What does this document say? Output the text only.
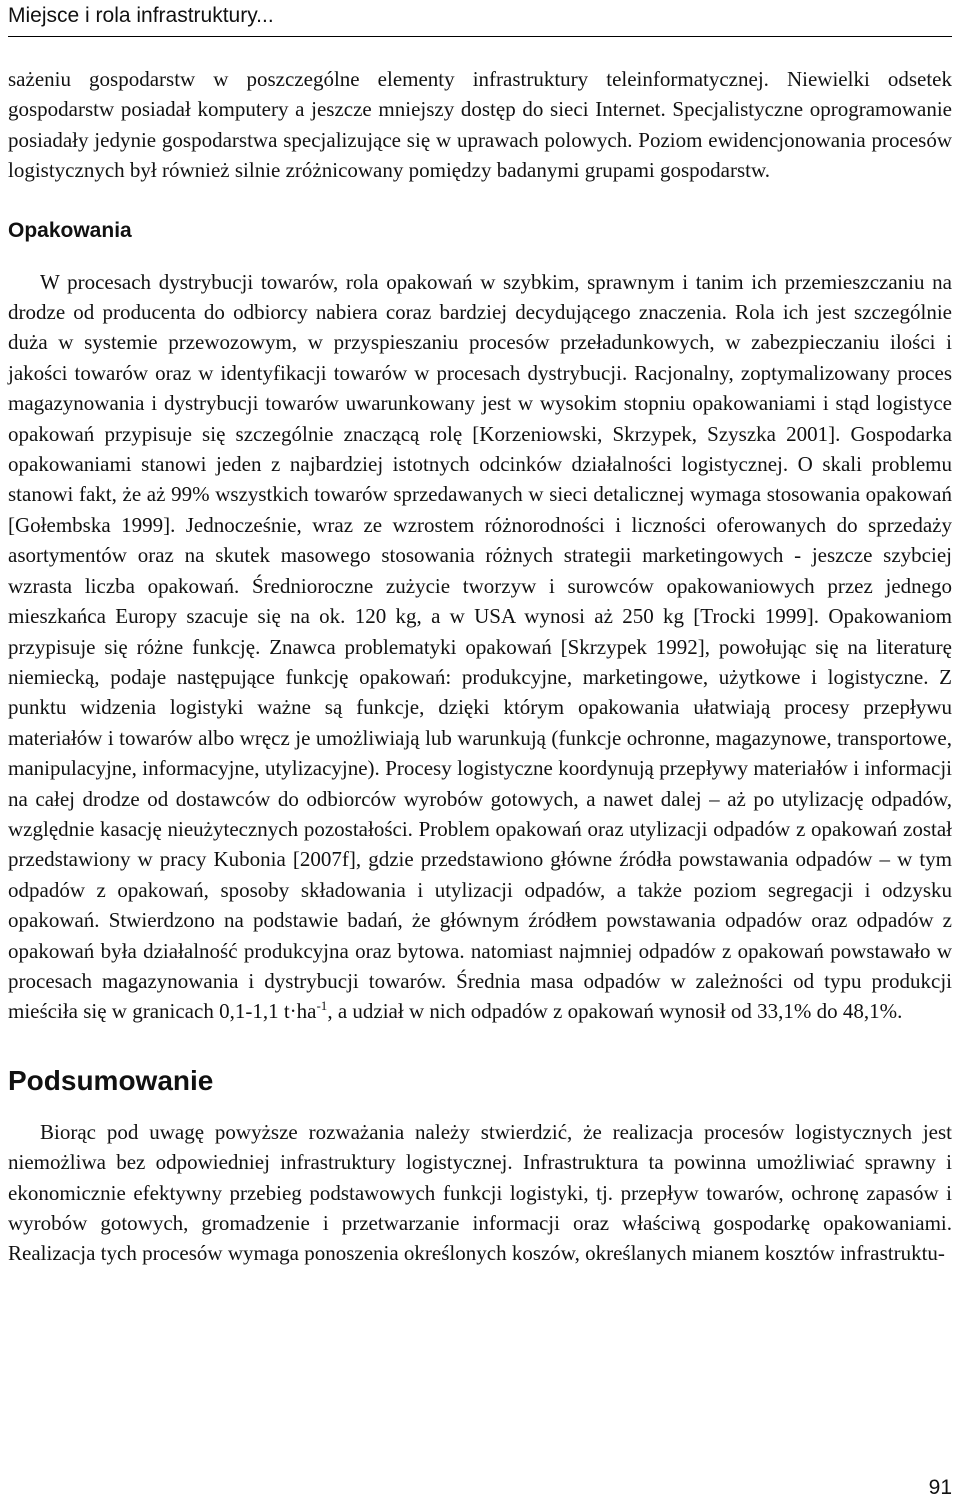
Miejsce i rola infrastruktury...

sażeniu gospodarstw w poszczególne elementy infrastruktury teleinformatycznej. Niewielki odsetek gospodarstw posiadał komputery a jeszcze mniejszy dostęp do sieci Internet. Specjalistyczne oprogramowanie posiadały jedynie gospodarstwa specjalizujące się w uprawach polowych. Poziom ewidencjonowania procesów logistycznych był również silnie zróżnicowany pomiędzy badanymi grupami gospodarstw.

Opakowania

W procesach dystrybucji towarów, rola opakowań w szybkim, sprawnym i tanim ich przemieszczaniu na drodze od producenta do odbiorcy nabiera coraz bardziej decydującego znaczenia. Rola ich jest szczególnie duża w systemie przewozowym, w przyspieszaniu procesów przeładunkowych, w zabezpieczaniu ilości i jakości towarów oraz w identyfikacji towarów w procesach dystrybucji. Racjonalny, zoptymalizowany proces magazynowania i dystrybucji towarów uwarunkowany jest w wysokim stopniu opakowaniami i stąd logistyce opakowań przypisuje się szczególnie znaczącą rolę [Korzeniowski, Skrzypek, Szyszka 2001]. Gospodarka opakowaniami stanowi jeden z najbardziej istotnych odcinków działalności logistycznej. O skali problemu stanowi fakt, że aż 99% wszystkich towarów sprzedawanych w sieci detalicznej wymaga stosowania opakowań [Gołembska 1999]. Jednocześnie, wraz ze wzrostem różnorodności i liczności oferowanych do sprzedaży asortymentów oraz na skutek masowego stosowania różnych strategii marketingowych - jeszcze szybciej wzrasta liczba opakowań. Średnioroczne zużycie tworzyw i surowców opakowaniowych przez jednego mieszkańca Europy szacuje się na ok. 120 kg, a w USA wynosi aż 250 kg [Trocki 1999]. Opakowaniom przypisuje się różne funkcję. Znawca problematyki opakowań [Skrzypek 1992], powołując się na literaturę niemiecką, podaje następujące funkcję opakowań: produkcyjne, marketingowe, użytkowe i logistyczne. Z punktu widzenia logistyki ważne są funkcje, dzięki którym opakowania ułatwiają procesy przepływu materiałów i towarów albo wręcz je umożliwiają lub warunkują (funkcje ochronne, magazynowe, transportowe, manipulacyjne, informacyjne, utylizacyjne). Procesy logistyczne koordynują przepływy materiałów i informacji na całej drodze od dostawców do odbiorców wyrobów gotowych, a nawet dalej – aż po utylizację odpadów, względnie kasację nieużytecznych pozostałości. Problem opakowań oraz utylizacji odpadów z opakowań został przedstawiony w pracy Kubonia [2007f], gdzie przedstawiono główne źródła powstawania odpadów – w tym odpadów z opakowań, sposoby składowania i utylizacji odpadów, a także poziom segregacji i odzysku opakowań. Stwierdzono na podstawie badań, że głównym źródłem powstawania odpadów oraz odpadów z opakowań była działalność produkcyjna oraz bytowa. natomiast najmniej odpadów z opakowań powstawało w procesach magazynowania i dystrybucji towarów. Średnia masa odpadów w zależności od typu produkcji mieściła się w granicach 0,1-1,1 $t\cdot ha^{-1}$, a udział w nich odpadów z opakowań wynosił od 33,1% do 48,1%.

Podsumowanie

Biorąc pod uwagę powyższe rozważania należy stwierdzić, że realizacja procesów logistycznych jest niemożliwa bez odpowiedniej infrastruktury logistycznej. Infrastruktura ta powinna umożliwiać sprawny i ekonomicznie efektywny przebieg podstawowych funkcji logistyki, tj. przepływ towarów, ochronę zapasów i wyrobów gotowych, gromadzenie i przetwarzanie informacji oraz właściwą gospodarkę opakowaniami. Realizacja tych procesów wymaga ponoszenia określonych koszów, określanych mianem kosztów infrastruktu-

91
